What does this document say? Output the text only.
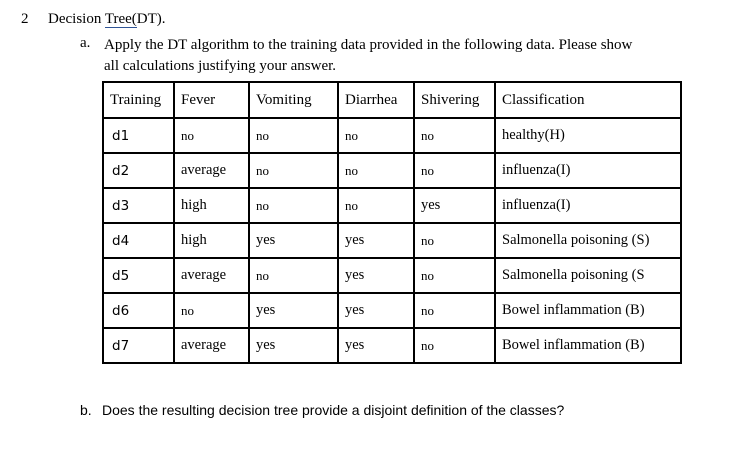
2 Decision Tree(DT).
a. Apply the DT algorithm to the training data provided in the following data. Please show
all calculations justifying your answer.
Training	Fever	Vomiting	Diarrhea	Shivering	Classification
d1	no	no	no	no	healthy(H)
d2	average	no	no	no	influenza(I)
d3	high	no	no	yes	influenza(I)
d4	high	yes	yes	no	Salmonella poisoning (S)
d5	average	no	yes	no	Salmonella poisoning (S
d6	no	yes	yes	no	Bowel inflammation (B)
d7	average	yes	yes	no	Bowel inflammation (B)
b. Does the resulting decision tree provide a disjoint definition of the classes?
